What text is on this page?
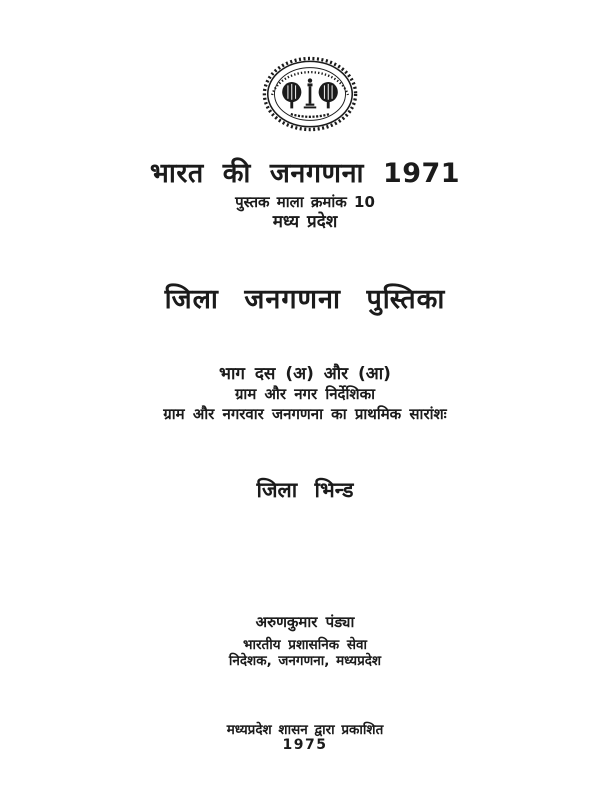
भारत की जनगणना 1971
पुस्तक माला क्रमांक 10
मध्य प्रदेश
जिला जनगणना पुस्तिका
भाग दस (अ) और (आ)
ग्राम और नगर निर्देशिका
ग्राम और नगरवार जनगणना का प्राथमिक सारांशः
जिला भिन्ड
अरुणकुमार पंड्या
भारतीय प्रशासनिक सेवा
निदेशक, जनगणना, मध्यप्रदेश
मध्यप्रदेश शासन द्वारा प्रकाशित
1975
